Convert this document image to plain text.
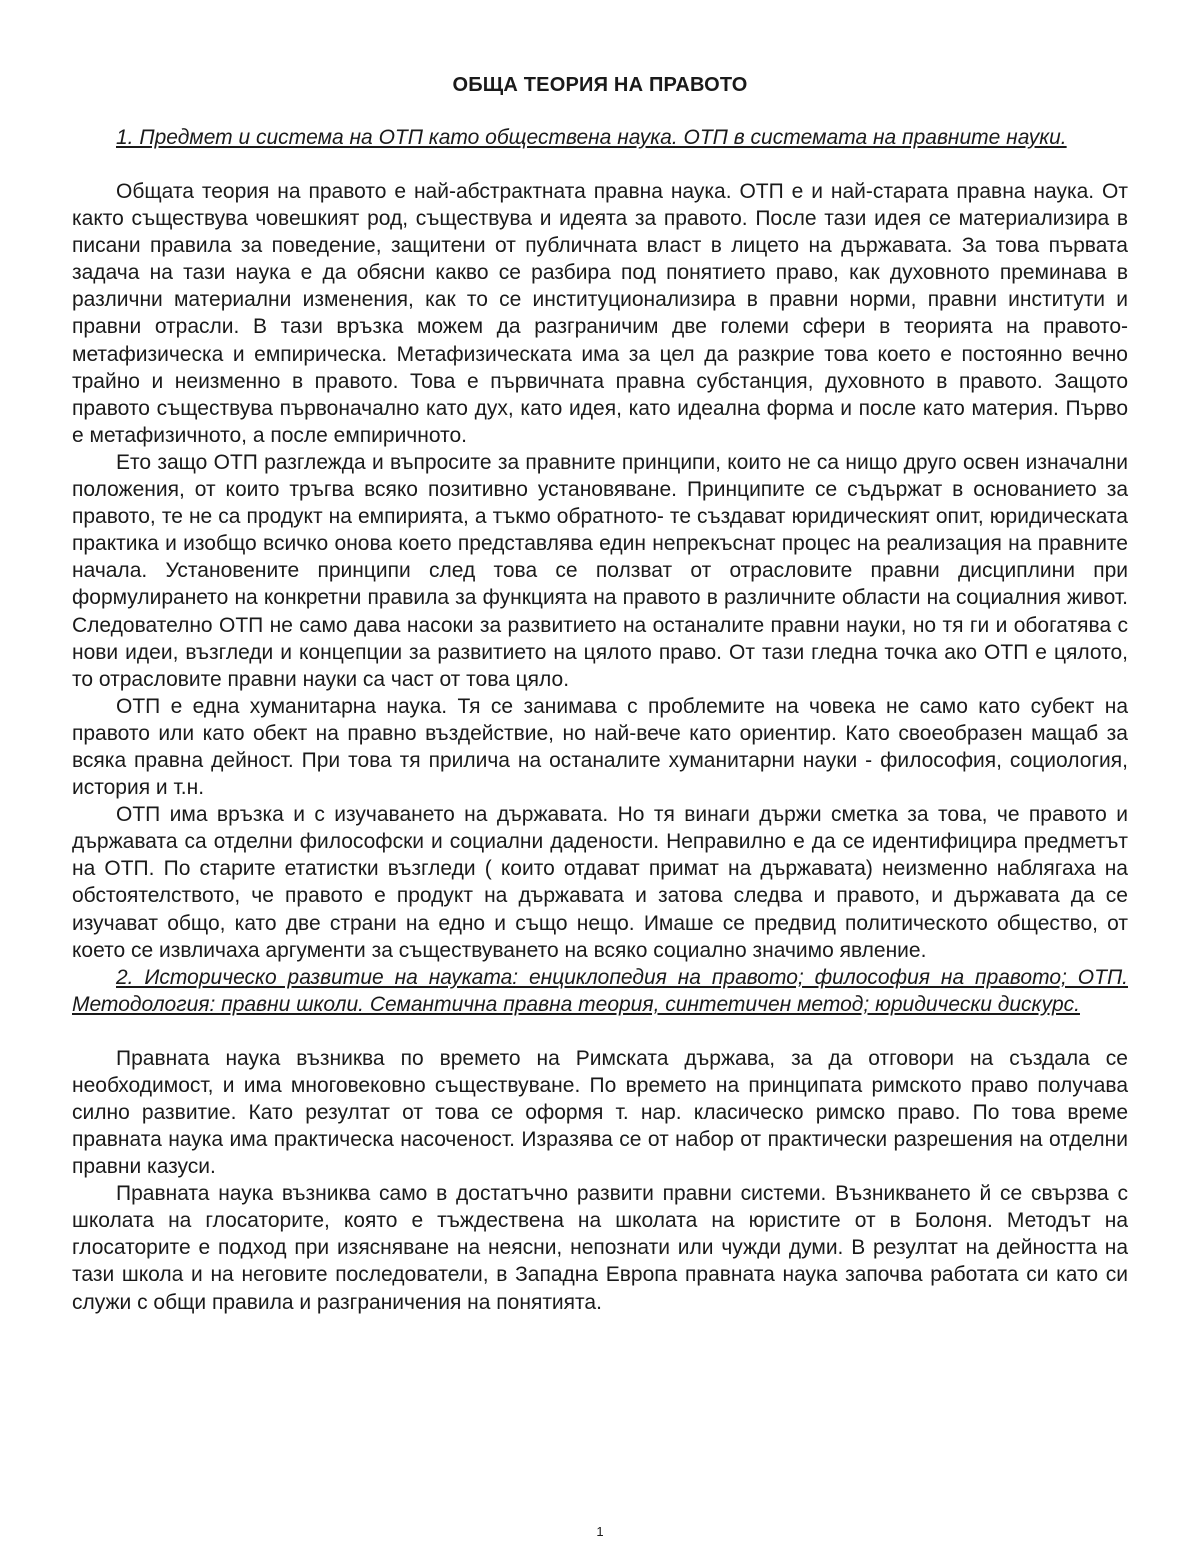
ОБЩА ТЕОРИЯ НА ПРАВОТО

1. Предмет и система на ОТП като обществена наука. ОТП в системата на правните науки.

Общата теория на правото е най-абстрактната правна наука. ОТП е и най-старата правна наука. От както съществува човешкият род, съществува и идеята за правото. После тази идея се материализира в писани правила за поведение, защитени от публичната власт в лицето на държавата. За това първата задача на тази наука е да обясни какво се разбира под понятието право, как духовното преминава в различни материални изменения, как то се институционализира в правни норми, правни институти и правни отрасли. В тази връзка можем да разграничим две големи сфери в теорията на правото- метафизическа и емпирическа. Метафизическата има за цел да разкрие това което е постоянно вечно трайно и неизменно в правото. Това е първичната правна субстанция, духовното в правото. Защото правото съществува първоначално като дух, като идея, като идеална форма и после като материя. Първо е метафизичното, а после емпиричното.

Ето защо ОТП разглежда и въпросите за правните принципи, които не са нищо друго освен изначални положения, от които тръгва всяко позитивно установяване. Принципите се съдържат в основанието за правото, те не са продукт на емпирията, а тъкмо обратното- те създават юридическият опит, юридическата практика и изобщо всичко онова което представлява един непрекъснат процес на реализация на правните начала. Установените принципи след това се ползват от отрасловите правни дисциплини при формулирането на конкретни правила за функцията на правото в различните области на социалния живот. Следователно ОТП не само дава насоки за развитието на останалите правни науки, но тя ги и обогатява с нови идеи, възгледи и концепции за развитието на цялото право. От тази гледна точка ако ОТП е цялото, то отрасловите правни науки са част от това цяло.

ОТП е една хуманитарна наука. Тя се занимава с проблемите на човека не само като субект на правото или като обект на правно въздействие, но най-вече като ориентир. Като своеобразен мащаб за всяка правна дейност. При това тя прилича на останалите хуманитарни науки - философия, социология, история и т.н.

ОТП има връзка и с изучаването на държавата. Но тя винаги държи сметка за това, че правото и държавата са отделни философски и социални дадености. Неправилно е да се идентифицира предметът на ОТП. По старите етатистки възгледи ( които отдават примат на държавата) неизменно наблягаха на обстоятелството, че правото е продукт на държавата и затова следва и правото, и държавата да се изучават общо, като две страни на едно и също нещо. Имаше се предвид политическото общество, от което се извличаха аргументи за съществуването на всяко социално значимо явление.

2. Историческо развитие на науката: енциклопедия на правото; философия на правото; ОТП. Методология: правни школи. Семантична правна теория, синтетичен метод; юридически дискурс.

Правната наука възниква по времето на Римската държава, за да отговори на създала се необходимост, и има многовековно съществуване. По времето на принципата римското право получава силно развитие. Като резултат от това се оформя т. нар. класическо римско право. По това време правната наука има практическа насоченост. Изразява се от набор от практически разрешения на отделни правни казуси.

Правната наука възниква само в достатъчно развити правни системи. Възникването й се свързва с школата на глосаторите, която е тъждествена на школата на юристите от в Болоня. Методът на глосаторите е подход при изясняване на неясни, непознати или чужди думи. В резултат на дейността на тази школа и на неговите последователи, в Западна Европа правната наука започва работата си като си служи с общи правила и разграничения на понятията.

1
